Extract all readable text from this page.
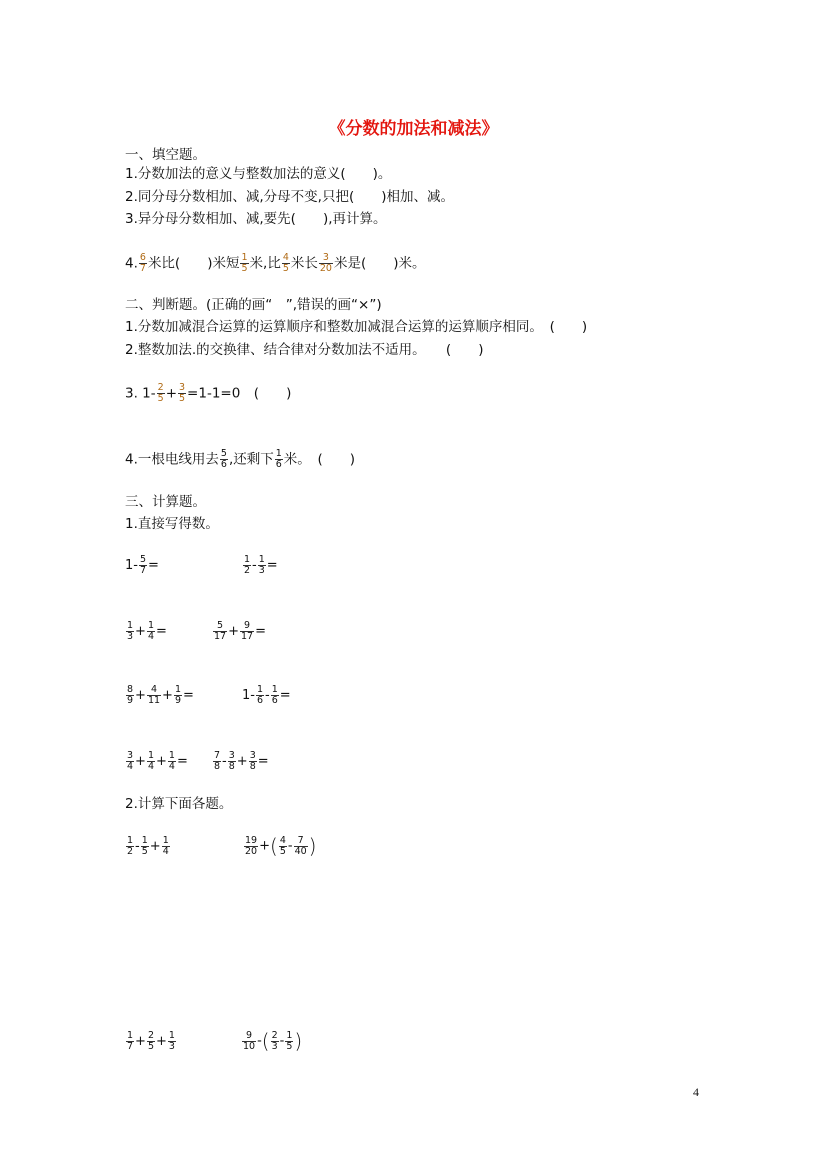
《分数的加法和减法》
一、填空题。
1.分数加法的意义与整数加法的意义(　　)。
2.同分母分数相加、减,分母不变,只把(　　)相加、减。
3.异分母分数相加、减,要先(　　),再计算。
4. $\frac{6}{7}$ 米比(　　)米短 $\frac{1}{5}$ 米,比 $\frac{4}{5}$ 米长 $\frac{3}{20}$ 米是(　　)米。
二、判断题。(正确的画“　”,错误的画“×”)
1.分数加减混合运算的运算顺序和整数加减混合运算的运算顺序相同。　(　　)
2.整数加法.的交换律、结合律对分数加法不适用。　　(　　)
3. $1- \frac{2}{5} + \frac{3}{5} =1-1=0$　(　　)
4.一根电线用去 $\frac{5}{6}$ ,还剩下 $\frac{1}{6}$ 米。　(　　)
三、计算题。
1.直接写得数。
$1- \frac{5}{7}$ =	$\frac{1}{2} - \frac{1}{3}$ =
$\frac{1}{3} + \frac{1}{4}$ =	$\frac{5}{17} + \frac{9}{17}$ =
$\frac{8}{9} + \frac{4}{11} + \frac{1}{9}$ =	$1- \frac{1}{6} - \frac{1}{6}$ =
$\frac{3}{4} + \frac{1}{4} + \frac{1}{4}$ =	$\frac{7}{8} - \frac{3}{8} + \frac{3}{8}$ =
2.计算下面各题。
$\frac{1}{2} - \frac{1}{5} + \frac{1}{4}$	$\frac{19}{20}$ +( $\frac{4}{5} - \frac{7}{40}$ )
$\frac{1}{7} + \frac{2}{5} + \frac{1}{3}$	$\frac{9}{10}$ -( $\frac{2}{3} - \frac{1}{5}$ )
4
